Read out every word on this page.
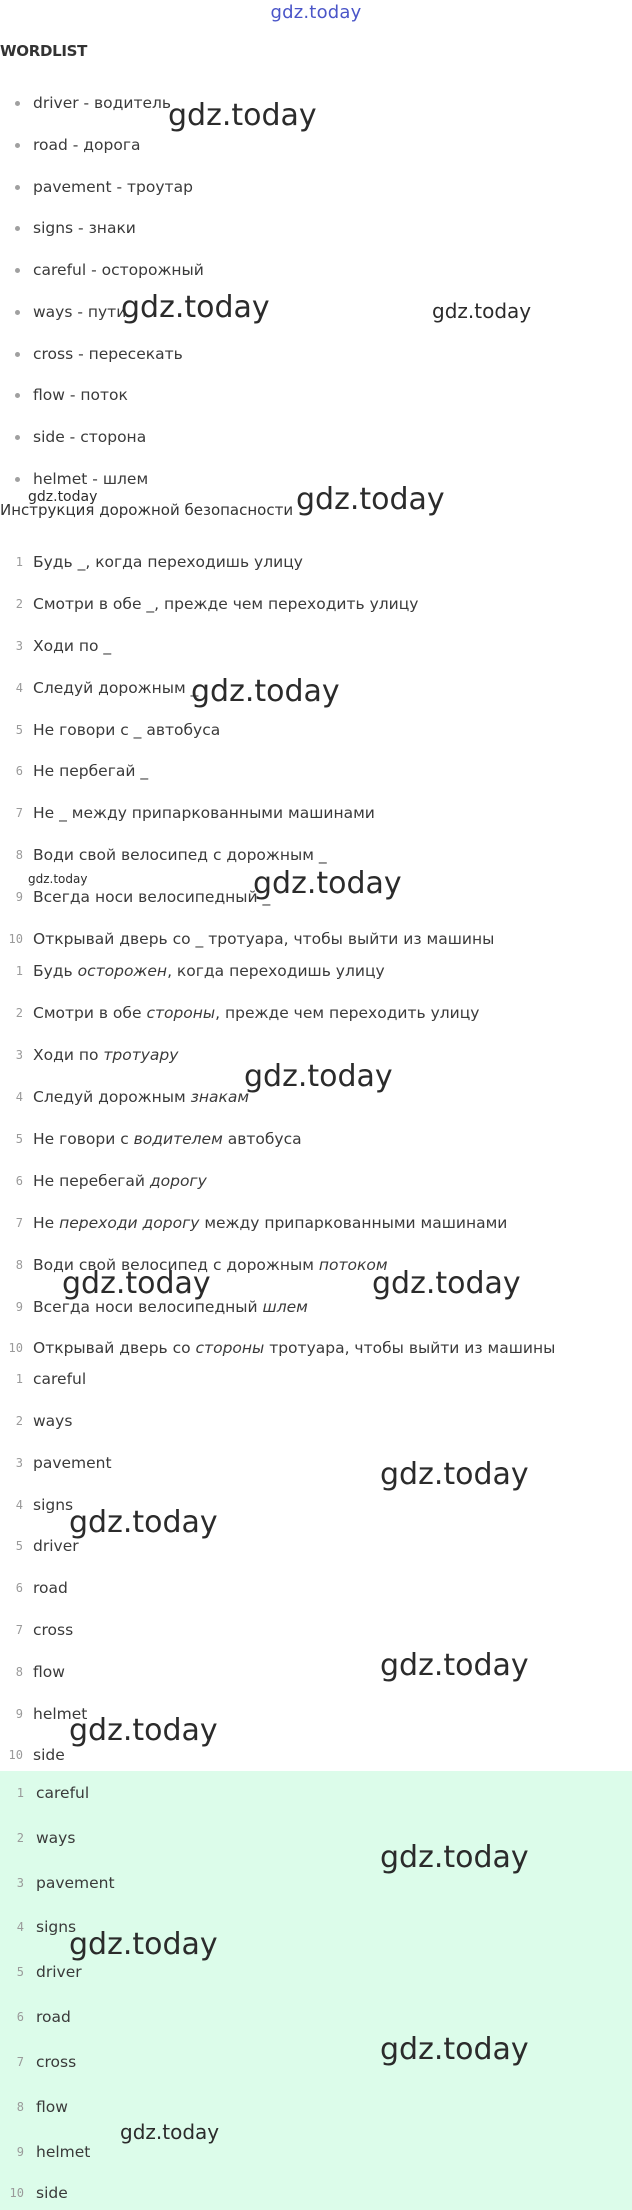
gdz.today
WORDLIST
driver - водитель
road - дорога
pavement - троутар
signs - знаки
careful - осторожный
ways - пути
cross - пересекать
flow - поток
side - сторона
helmet - шлем
Инструкция дорожной безопасности
1 Будь _, когда переходишь улицу
2 Смотри в обе _, прежде чем переходить улицу
3 Ходи по _
4 Следуй дорожным _
5 Не говори с _ автобуса
6 Не пербегай _
7 Не _ между припаркованными машинами
8 Води свой велосипед с дорожным _
9 Всегда носи велосипедный _
10 Открывай дверь со _ тротуара, чтобы выйти из машины
1 Будь осторожен, когда переходишь улицу
2 Смотри в обе стороны, прежде чем переходить улицу
3 Ходи по тротуару
4 Следуй дорожным знакам
5 Не говори с водителем автобуса
6 Не перебегай дорогу
7 Не переходи дорогу между припаркованными машинами
8 Води свой велосипед с дорожным потоком
9 Всегда носи велосипедный шлем
10 Открывай дверь со стороны тротуара, чтобы выйти из машины
1 careful
2 ways
3 pavement
4 signs
5 driver
6 road
7 cross
8 flow
9 helmet
10 side
1 careful
2 ways
3 pavement
4 signs
5 driver
6 road
7 cross
8 flow
9 helmet
10 side
gdz.today
gdz.today	gdz.today
gdz.today	gdz.today
gdz.today
gdz.today	gdz.today
gdz.today
gdz.today	gdz.today
gdz.today
gdz.today
gdz.today
gdz.today
gdz.today
gdz.today
gdz.today
gdz.today
